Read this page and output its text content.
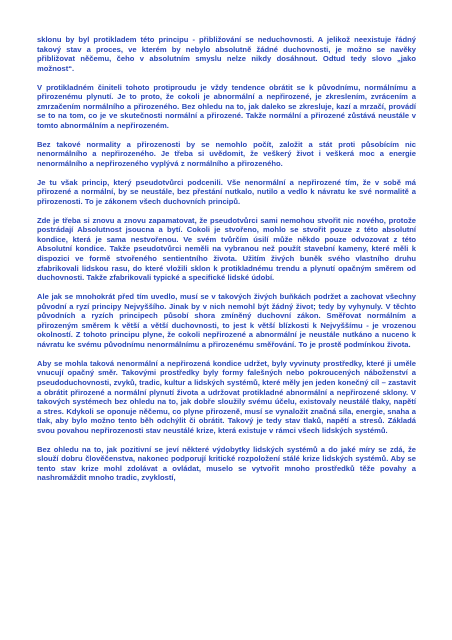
sklonu by byl protikladem této principu - přibližování se neduchovnosti. A jelikož neexistuje řádný takový stav a proces, ve kterém by nebylo absolutně žádné duchovnosti, je možno se navěky přibližovat něčemu, čeho v absolutním smyslu nelze nikdy dosáhnout. Odtud tedy slovo „jako možnost“.

V protikladném činiteli tohoto protiproudu je vždy tendence obrátit se k původnímu, normálnímu a přirozenému plynutí. Je to proto, že cokoli je abnormální a nepřirozené, je zkreslením, zvrácením a zmrzačením normálního a přirozeného. Bez ohledu na to, jak daleko se zkresluje, kazí a mrzačí, provádí se to na tom, co je ve skutečnosti normální a přirozené. Takže normální a přirozené zůstává neustále v tomto abnormálním a nepřirozeném.

Bez takové normality a přirozenosti by se nemohlo počít, založit a stát proti působícím nic nenormálního a nepřirozeného. Je třeba si uvědomit, že veškerý život i veškerá moc a energie nenormálního a nepřirozeného vyplývá z normálního a přirozeného.

Je tu však princip, který pseudotvůrci podcenili. Vše nenormální a nepřirozené tím, že v sobě má přirozené a normální, by se neustále, bez přestání nutkalo, nutilo a vedlo k návratu ke své normalitě a přirozenosti. To je zákonem všech duchovních principů.

Zde je třeba si znovu a znovu zapamatovat, že pseudotvůrci sami nemohou stvořit nic nového, protože postrádají Absolutnost jsoucna a bytí. Cokoli je stvořeno, mohlo se stvořit pouze z této absolutní kondice, která je sama nestvořenou. Ve svém tvůrčím úsilí může někdo pouze odvozovat z této Absolutní kondice. Takže pseudotvůrci neměli na vybranou než použít stavební kameny, které měli k dispozici ve formě stvořeného sentientního života. Užitím živých buněk svého vlastního druhu zfabrikovali lidskou rasu, do které vložili sklon k protikladnému trendu a plynutí opačným směrem od duchovnosti. Takže zfabrikovali typické a specifické lidské údobí.

Ale jak se mnohokrát před tím uvedlo, musí se v takových živých buňkách podržet a zachovat všechny původní a ryzí principy Nejvyššího. Jinak by v nich nemohl být žádný život; tedy by vyhynuly. V těchto původních a ryzích principech působí shora zmíněný duchovní zákon. Směřovat normálním a přirozeným směrem k větší a větší duchovnosti, to jest k větší blízkosti k Nejvyššímu - je vrozenou okolností. Z tohoto principu plyne, že cokoli nepřirozené a abnormální je neustále nutkáno a nuceno k návratu ke svému původnímu nenormálnímu a přirozenému směřování. To je prostě podmínkou života.

Aby se mohla taková nenormální a nepřirozená kondice udržet, byly vyvinuty prostředky, které ji uměle vnucují opačný směr. Takovými prostředky byly formy falešných nebo pokroucených náboženství a pseudoduchovnosti, zvyků, tradic, kultur a lidských systémů, které měly jen jeden konečný cíl – zastavit a obrátit přirozené a normální plynutí života a udržovat protikladné abnormální a nepřirozené sklony. V takových systémech bez ohledu na to, jak dobře sloužily svému účelu, existovaly neustálé tlaky, napětí a stres. Kdykoli se oponuje něčemu, co plyne přirozeně, musí se vynaložit značná síla, energie, snaha a tlak, aby bylo možno tento běh odchýlit či obrátit. Takový je tedy stav tlaků, napětí a stresů. Základá svou povahou nepřirozenosti stav neustálé krize, která existuje v rámci všech lidských systémů.

Bez ohledu na to, jak pozitivní se jeví některé výdobytky lidských systémů a do jaké míry se zdá, že slouží dobru člověčenstva, nakonec podporují kritické rozpoložení stálé krize lidských systémů. Aby se tento stav krize mohl zdolávat a ovládat, muselo se vytvořit mnoho prostředků těže povahy a nashromáždit mnoho tradic, zvyklostí,
